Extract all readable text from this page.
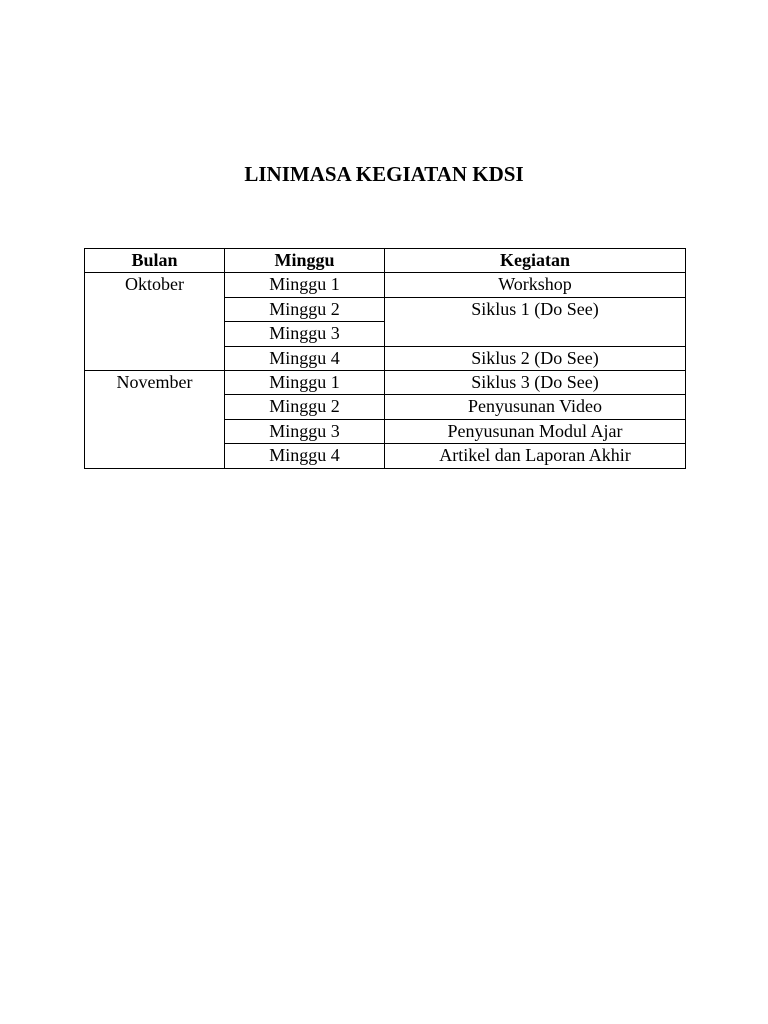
LINIMASA KEGIATAN KDSI
Bulan	Minggu	Kegiatan
Oktober	Minggu 1	Workshop
	Minggu 2	Siklus 1 (Do See)
	Minggu 3	
	Minggu 4	Siklus 2 (Do See)
November	Minggu 1	Siklus 3 (Do See)
	Minggu 2	Penyusunan Video
	Minggu 3	Penyusunan Modul Ajar
	Minggu 4	Artikel dan Laporan Akhir
